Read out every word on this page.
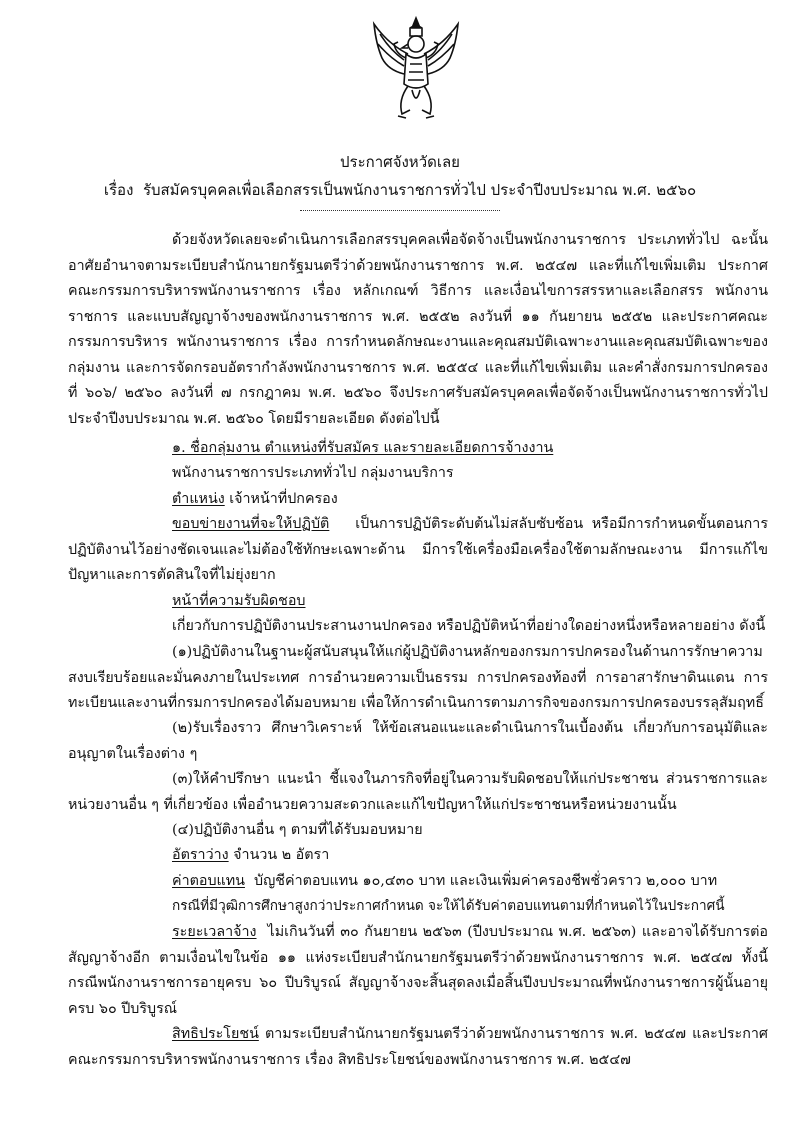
ประกาศจังหวัดเลย
เรื่อง รับสมัครบุคคลเพื่อเลือกสรรเป็นพนักงานราชการทั่วไป ประจำปีงบประมาณ พ.ศ. ๒๕๖๐

ด้วยจังหวัดเลยจะดำเนินการเลือกสรรบุคคลเพื่อจัดจ้างเป็นพนักงานราชการ ประเภททั่วไป ฉะนั้น อาศัยอำนาจตามระเบียบสำนักนายกรัฐมนตรีว่าด้วยพนักงานราชการ พ.ศ. ๒๕๔๗ และที่แก้ไขเพิ่มเติม ประกาศคณะกรรมการบริหารพนักงานราชการ เรื่อง หลักเกณฑ์ วิธีการ และเงื่อนไขการสรรหาและเลือกสรร พนักงานราชการ และแบบสัญญาจ้างของพนักงานราชการ พ.ศ. ๒๕๕๒ ลงวันที่ ๑๑ กันยายน ๒๕๕๒ และประกาศคณะกรรมการบริหาร พนักงานราชการ เรื่อง การกำหนดลักษณะงานและคุณสมบัติเฉพาะงานและคุณสมบัติเฉพาะของกลุ่มงาน และการจัดกรอบอัตรากำลังพนักงานราชการ พ.ศ. ๒๕๕๔ และที่แก้ไขเพิ่มเติม และคำสั่งกรมการปกครอง ที่ ๖๐๖/ ๒๕๖๐ ลงวันที่ ๗ กรกฎาคม พ.ศ. ๒๕๖๐ จึงประกาศรับสมัครบุคคลเพื่อจัดจ้างเป็นพนักงานราชการทั่วไป ประจำปีงบประมาณ พ.ศ. ๒๕๖๐ โดยมีรายละเอียด ดังต่อไปนี้

๑. ชื่อกลุ่มงาน ตำแหน่งที่รับสมัคร และรายละเอียดการจ้างงาน
พนักงานราชการประเภททั่วไป กลุ่มงานบริการ
ตำแหน่ง เจ้าหน้าที่ปกครอง

ขอบข่ายงานที่จะให้ปฏิบัติ เป็นการปฏิบัติระดับต้นไม่สลับซับซ้อน หรือมีการกำหนดขั้นตอนการปฏิบัติงานไว้อย่างชัดเจนและไม่ต้องใช้ทักษะเฉพาะด้าน มีการใช้เครื่องมือเครื่องใช้ตามลักษณะงาน มีการแก้ไขปัญหาและการตัดสินใจที่ไม่ยุ่งยาก

หน้าที่ความรับผิดชอบ
เกี่ยวกับการปฏิบัติงานประสานงานปกครอง หรือปฏิบัติหน้าที่อย่างใดอย่างหนึ่งหรือหลายอย่าง ดังนี้

(๑)ปฏิบัติงานในฐานะผู้สนับสนุนให้แก่ผู้ปฏิบัติงานหลักของกรมการปกครองในด้านการรักษาความสงบเรียบร้อยและมั่นคงภายในประเทศ การอำนวยความเป็นธรรม การปกครองท้องที่ การอาสารักษาดินแดน การทะเบียนและงานที่กรมการปกครองได้มอบหมาย เพื่อให้การดำเนินการตามภารกิจของกรมการปกครองบรรลุสัมฤทธิ์

(๒)รับเรื่องราว ศึกษาวิเคราะห์ ให้ข้อเสนอแนะและดำเนินการในเบื้องต้น เกี่ยวกับการอนุมัติและอนุญาตในเรื่องต่าง ๆ

(๓)ให้คำปรึกษา แนะนำ ชี้แจงในภารกิจที่อยู่ในความรับผิดชอบให้แก่ประชาชน ส่วนราชการและหน่วยงานอื่น ๆ ที่เกี่ยวข้อง เพื่ออำนวยความสะดวกและแก้ไขปัญหาให้แก่ประชาชนหรือหน่วยงานนั้น

(๔)ปฏิบัติงานอื่น ๆ ตามที่ได้รับมอบหมาย
อัตราว่าง จำนวน ๒ อัตรา
ค่าตอบแทน บัญชีค่าตอบแทน ๑๐,๔๓๐ บาท และเงินเพิ่มค่าครองชีพชั่วคราว ๒,๐๐๐ บาท
กรณีที่มีวุฒิการศึกษาสูงกว่าประกาศกำหนด จะให้ได้รับค่าตอบแทนตามที่กำหนดไว้ในประกาศนี้

ระยะเวลาจ้าง ไม่เกินวันที่ ๓๐ กันยายน ๒๕๖๓ (ปีงบประมาณ พ.ศ. ๒๕๖๓) และอาจได้รับการต่อสัญญาจ้างอีก ตามเงื่อนไขในข้อ ๑๑ แห่งระเบียบสำนักนายกรัฐมนตรีว่าด้วยพนักงานราชการ พ.ศ. ๒๕๔๗ ทั้งนี้ กรณีพนักงานราชการอายุครบ ๖๐ ปีบริบูรณ์ สัญญาจ้างจะสิ้นสุดลงเมื่อสิ้นปีงบประมาณที่พนักงานราชการผู้นั้นอายุครบ ๖๐ ปีบริบูรณ์

สิทธิประโยชน์ ตามระเบียบสำนักนายกรัฐมนตรีว่าด้วยพนักงานราชการ พ.ศ. ๒๕๔๗ และประกาศคณะกรรมการบริหารพนักงานราชการ เรื่อง สิทธิประโยชน์ของพนักงานราชการ พ.ศ. ๒๕๔๗
